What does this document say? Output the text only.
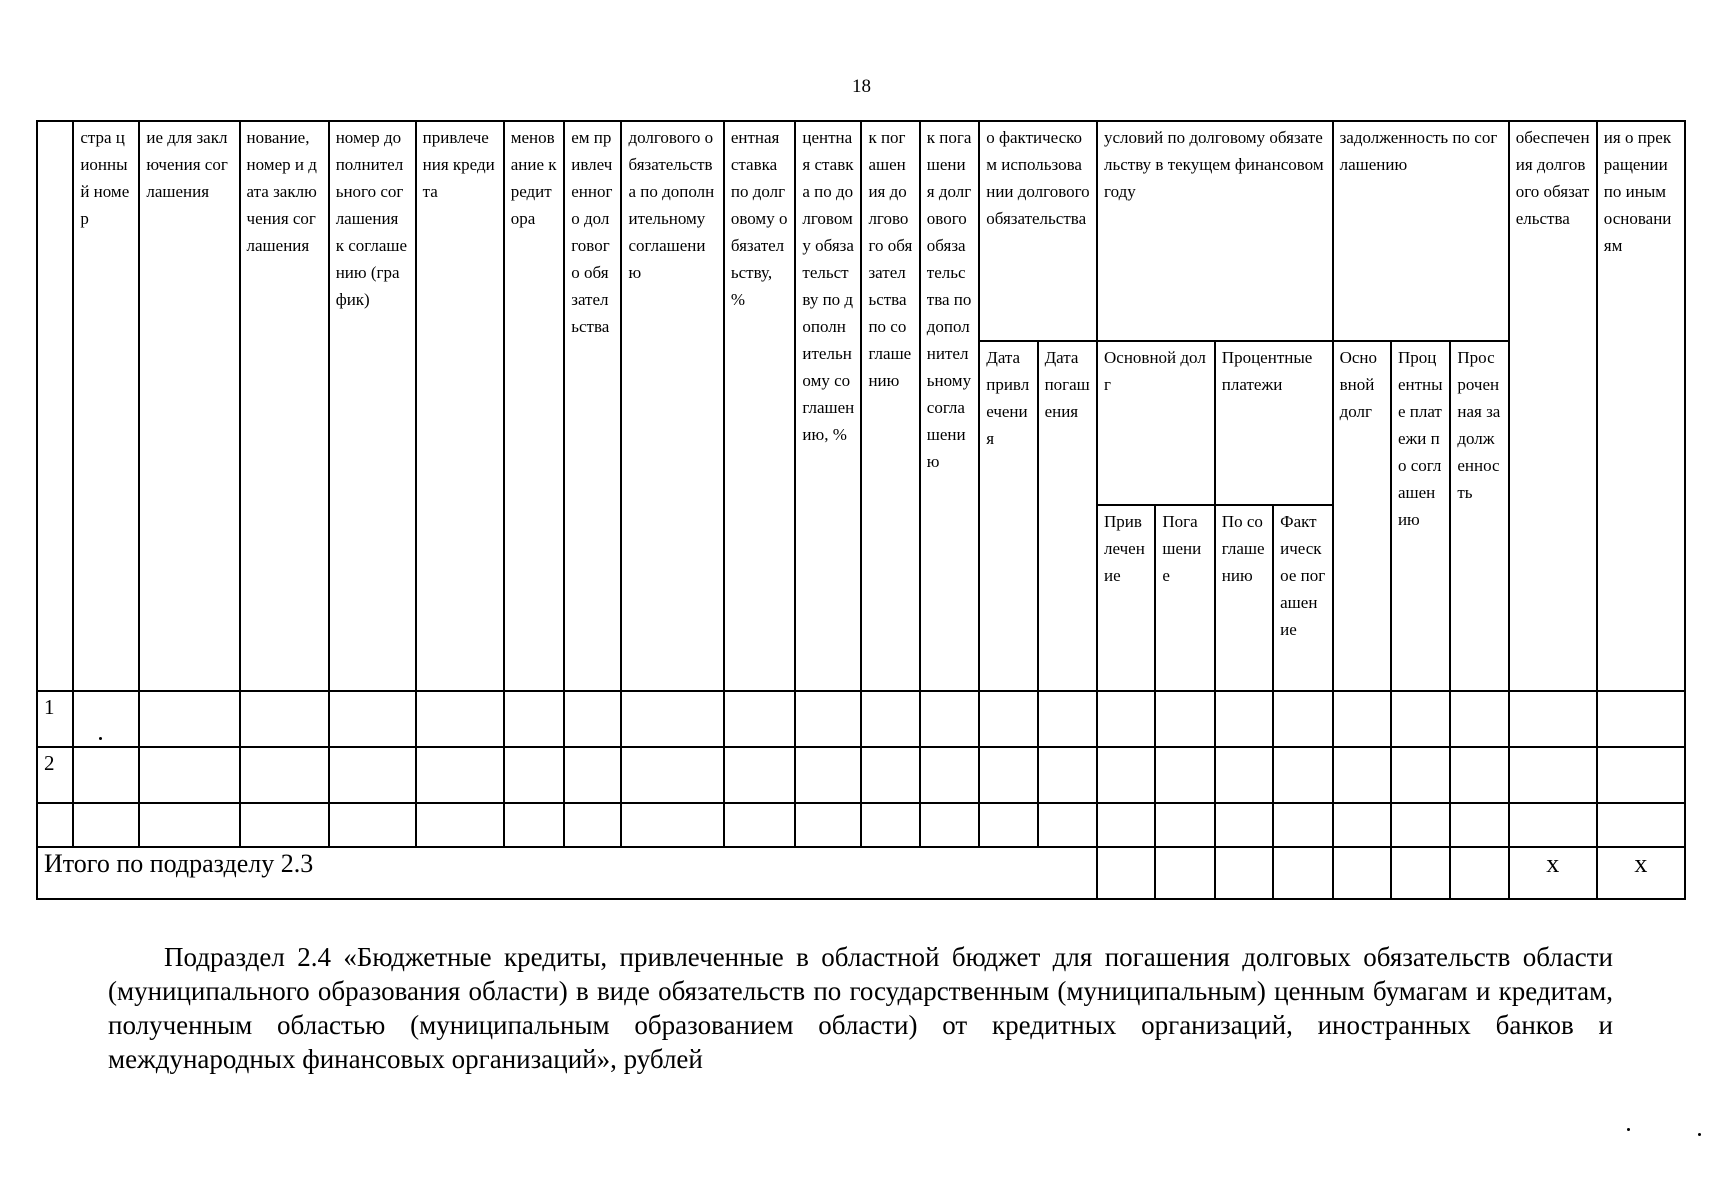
18
	стра ционный номер	ие для заключения соглашения	нование, номер и дата заключения соглашения	номер дополнительного соглашения к соглашению (график)	привлечения кредита	менование кредитора	ем привлеченного долгового обязательства	долгового обязательства по дополнительному соглашению	ентная ставка по долговому обязательству, %	центная ставка по долговому обязательству по дополнительному соглашению, %	к погашения долгового обязательства по соглашению	к погашения долгового обязательства по дополнительному соглашению	о фактическом использовании долгового обязательства		условий по долговому обязательству в текущем финансовом году				задолженность по соглашению			обеспечения долгового обязательства	ия о прекращении по иным основаниям
													Дата привлечения	Дата погашения	Основной долг		Процентные платежи		Основной долг	Процентные платежи по соглашению	Просроченная задолженность		
															Привлечение	Погашение	По соглашению	Фактическое погашение					
1																							
2																							

Итого по подразделу 2.3																						х	х
Подраздел 2.4 «Бюджетные кредиты, привлеченные в областной бюджет для погашения долговых обязательств области (муниципального образования области) в виде обязательств по государственным (муниципальным) ценным бумагам и кредитам, полученным областью (муниципальным образованием области) от кредитных организаций, иностранных банков и международных финансовых организаций», рублей
